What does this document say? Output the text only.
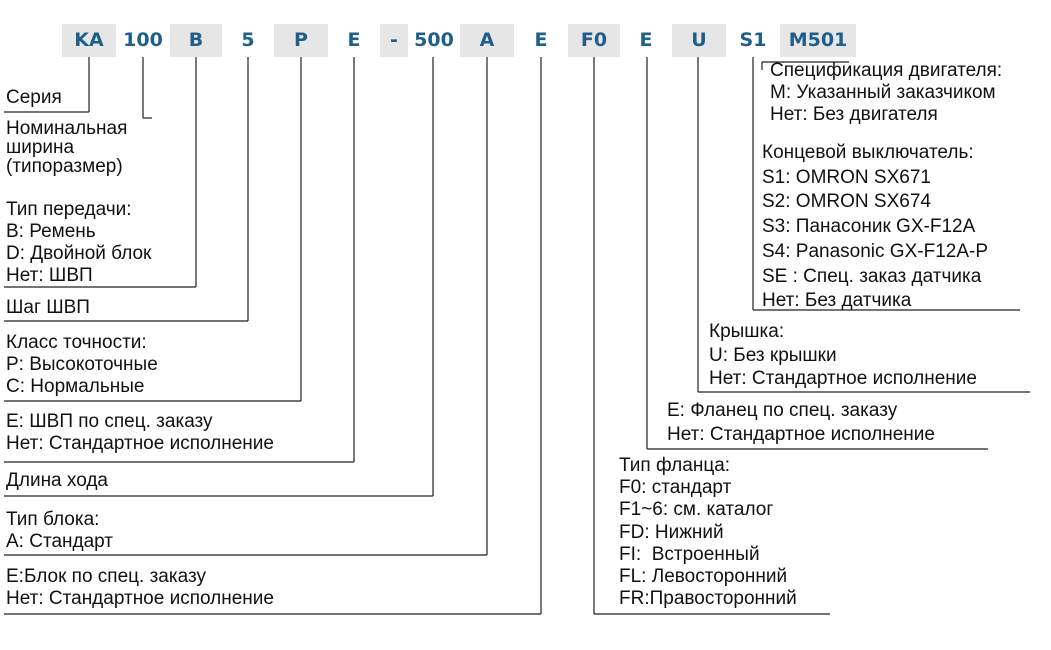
KA	100	B	5	P	E	- 500	A	E	F0	E	U	S1	M501
Серия
Номинальная
ширина
(типоразмер)
Тип передачи:
B: Ремень
D: Двойной блок
Нет: ШВП
Шаг ШВП
Класс точности:
P: Высокоточные
C: Нормальные
E: ШВП по спец. заказу
Нет: Стандартное исполнение
Длина хода
Тип блока:
A: Стандарт
E:Блок по спец. заказу
Нет: Стандартное исполнение
Спецификация двигателя:
M: Указанный заказчиком
Нет: Без двигателя
Концевой выключатель:
S1: OMRON SX671
S2: OMRON SX674
S3: Панасоник GX-F12A
S4: Panasonic GX-F12A-P
SE : Спец. заказ датчика
Нет: Без датчика
Крышка:
U: Без крышки
Нет: Стандартное исполнение
E: Фланец по спец. заказу
Нет: Стандартное исполнение
Тип фланца:
F0: стандарт
F1~6: см. каталог
FD: Нижний
FI:  Встроенный
FL: Левосторонний
FR:Правосторонний
